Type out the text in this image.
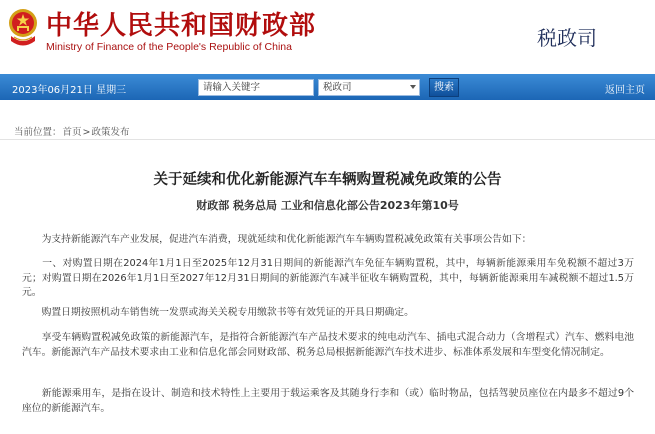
中华人民共和国财政部
Ministry of Finance of the People's Republic of China	税政司
2023年06月21日 星期三	请输入关键字	税政司	搜索	返回主页
当前位置：首页>政策发布
关于延续和优化新能源汽车车辆购置税减免政策的公告
财政部 税务总局 工业和信息化部公告2023年第10号
　　为支持新能源汽车产业发展，促进汽车消费，现就延续和优化新能源汽车车辆购置税减免政策有关事项公告如下：
　　一、对购置日期在2024年1月1日至2025年12月31日期间的新能源汽车免征车辆购置税，其中，每辆新能源乘用车免税额不超过3万元；对购置日期在2026年1月1日至2027年12月31日期间的新能源汽车减半征收车辆购置税，其中，每辆新能源乘用车减税额不超过1.5万元。
　　购置日期按照机动车销售统一发票或海关关税专用缴款书等有效凭证的开具日期确定。
　　享受车辆购置税减免政策的新能源汽车，是指符合新能源汽车产品技术要求的纯电动汽车、插电式混合动力（含增程式）汽车、燃料电池汽车。新能源汽车产品技术要求由工业和信息化部会同财政部、税务总局根据新能源汽车技术进步、标准体系发展和车型变化情况制定。
　　新能源乘用车，是指在设计、制造和技术特性上主要用于载运乘客及其随身行李和（或）临时物品，包括驾驶员座位在内最多不超过9个座位的新能源汽车。
